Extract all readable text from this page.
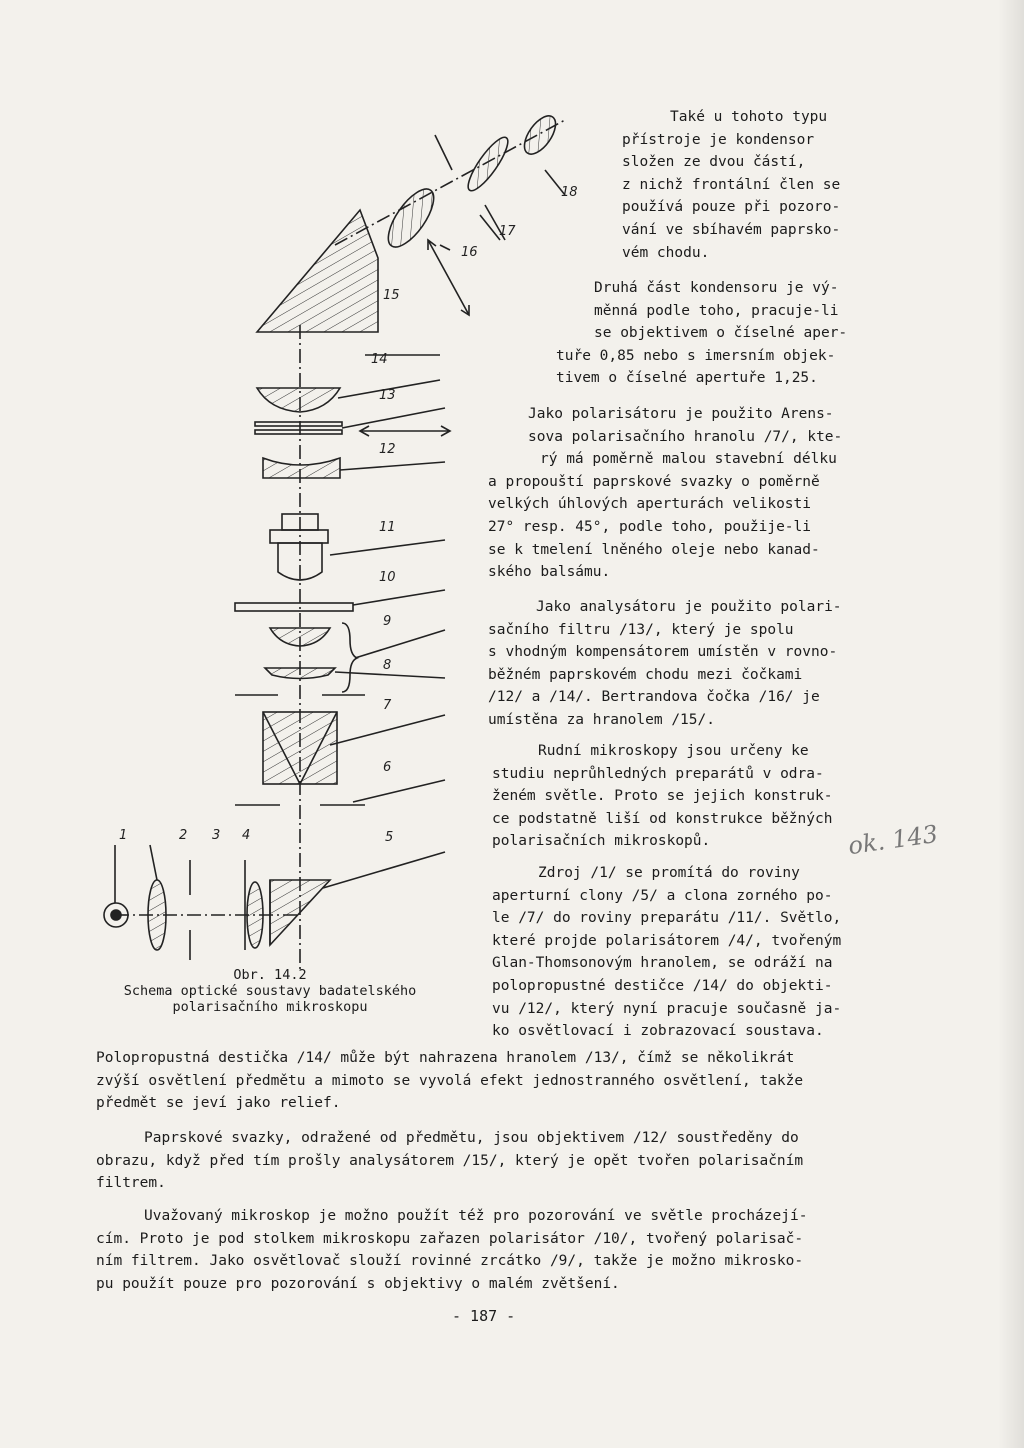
15
14
13
12
11
10
9
8
7
6
5
16
17
18
1	2 3 4
Obr. 14.2
Schema optické soustavy badatelského
polarisačního mikroskopu
Také u tohoto typu
přístroje je kondensor
složen ze dvou částí,
z nichž frontální člen se
používá pouze při pozoro-
vání ve sbíhavém paprsko-
vém chodu.
Druhá část kondensoru je vý-
měnná podle toho, pracuje-li
se objektivem o číselné aper-
tuře 0,85 nebo s imersním objek-
tivem o číselné apertuře 1,25.
Jako polarisátoru je použito Arens-
sova polarisačního hranolu /7/, kte-
rý má poměrně malou stavební délku
a propouští paprskové svazky o poměrně
velkých úhlových aperturách velikosti
27° resp. 45°, podle toho, použije-li
se k tmelení lněného oleje nebo kanad-
ského balsámu.
Jako analysátoru je použito polari-
sačního filtru /13/, který je spolu
s vhodným kompensátorem umístěn v rovno-
běžném paprskovém chodu mezi čočkami
/12/ a /14/. Bertrandova čočka /16/ je
umístěna za hranolem /15/.
Rudní mikroskopy jsou určeny ke
studiu neprůhledných preparátů v odra-
ženém světle. Proto se jejich konstruk-
ce podstatně liší od konstrukce běžných
polarisačních mikroskopů.
Zdroj /1/ se promítá do roviny
aperturní clony /5/ a clona zorného po-
le /7/ do roviny preparátu /11/. Světlo,
které projde polarisátorem /4/, tvořeným
Glan-Thomsonovým hranolem, se odráží na
polopropustné destičce /14/ do objekti-
vu /12/, který nyní pracuje současně ja-
ko osvětlovací i zobrazovací soustava.
ok. 143
Polopropustná destička /14/ může být nahrazena hranolem /13/, čímž se několikrát
zvýší osvětlení předmětu a mimoto se vyvolá efekt jednostranného osvětlení, takže
předmět se jeví jako relief.
Paprskové svazky, odražené od předmětu, jsou objektivem /12/ soustředěny do
obrazu, když před tím prošly analysátorem /15/, který je opět tvořen polarisačním
filtrem.
Uvažovaný mikroskop je možno použít též pro pozorování ve světle procházejí-
cím. Proto je pod stolkem mikroskopu zařazen polarisátor /10/, tvořený polarisač-
ním filtrem. Jako osvětlovač slouží rovinné zrcátko /9/, takže je možno mikrosko-
pu použít pouze pro pozorování s objektivy o malém zvětšení.
- 187 -
